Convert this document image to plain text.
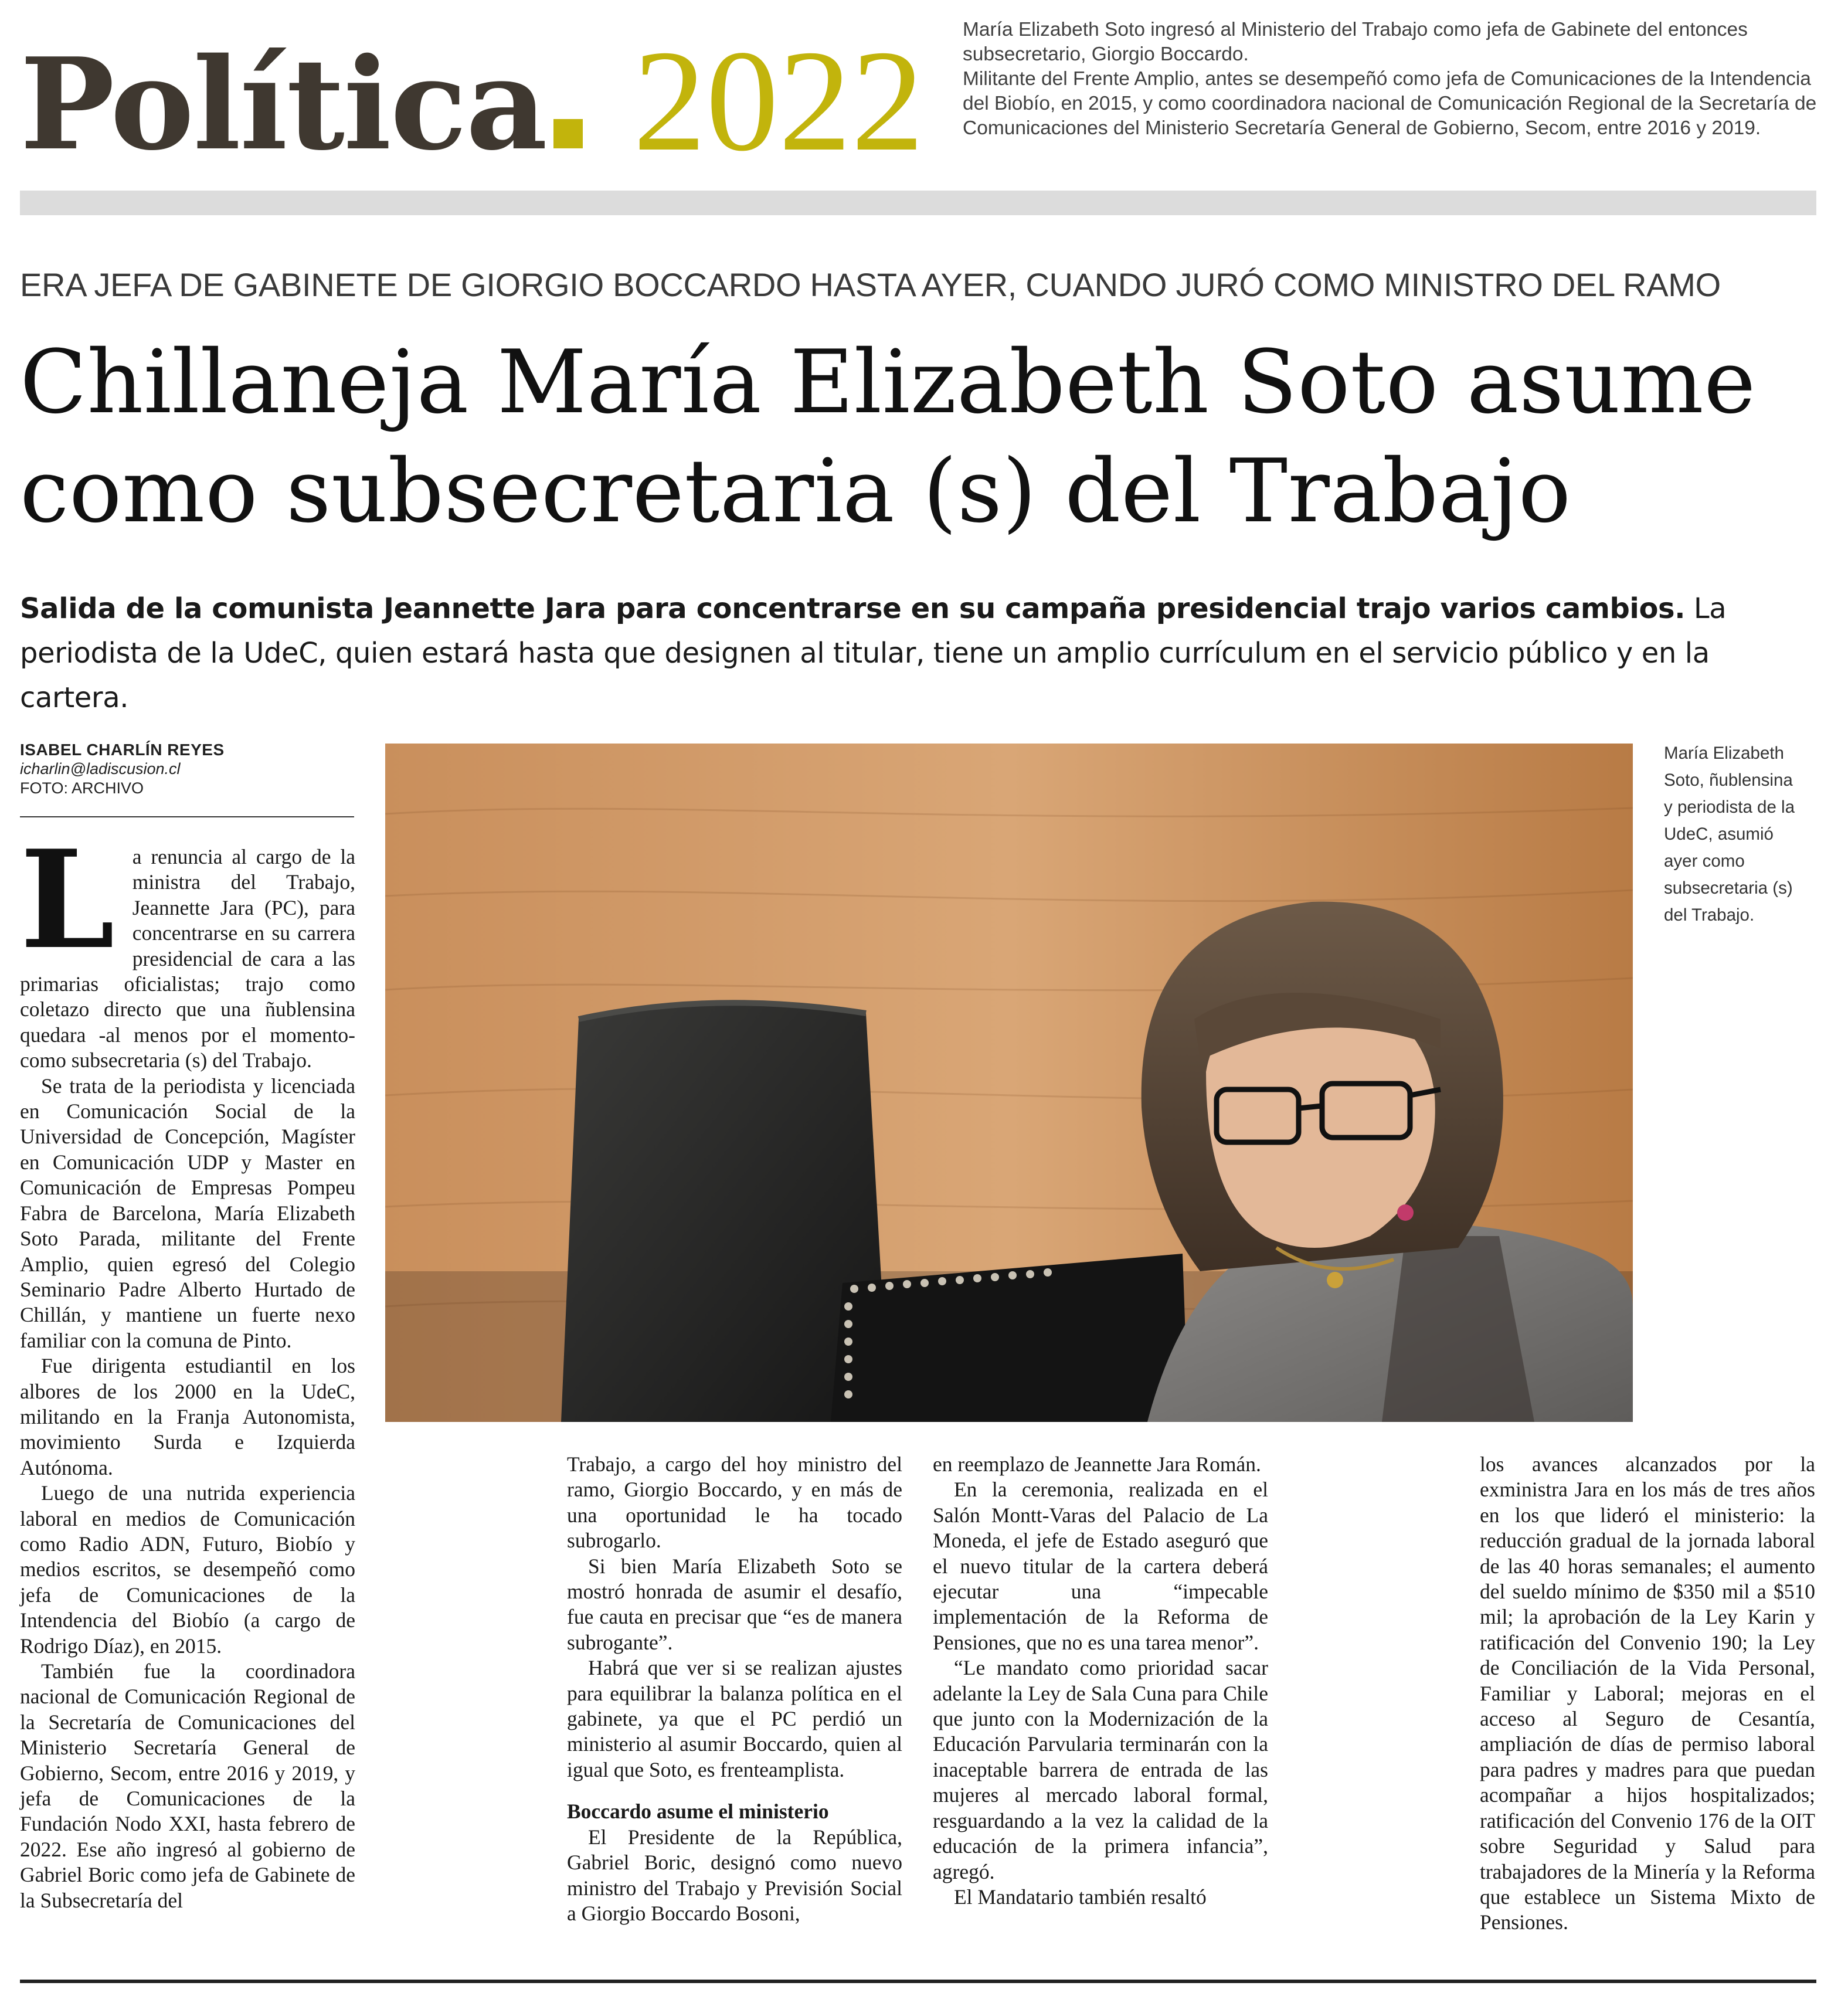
Política 2022 María Elizabeth Soto ingresó al Ministerio del Trabajo como jefa de Gabinete del entonces subsecretario, Giorgio Boccardo.

Militante del Frente Amplio, antes se desempeñó como jefa de Comunicaciones de la Intendencia del Biobío, en 2015, y como coordinadora nacional de Comunicación Regional de la Secretaría de Comunicaciones del Ministerio Secretaría General de Gobierno, Secom, entre 2016 y 2019.

ERA JEFA DE GABINETE DE GIORGIO BOCCARDO HASTA AYER, CUANDO JURÓ COMO MINISTRO DEL RAMO
Chillaneja María Elizabeth Soto asume
como subsecretaria (s) del Trabajo
Salida de la comunista Jeannette Jara para concentrarse en su campaña presidencial trajo varios cambios. La periodista de la UdeC, quien estará hasta que designen al titular, tiene un amplio currículum en el servicio público y en la cartera.
ISABEL CHARLÍN REYES
icharlin@ladiscusion.cl
FOTO: ARCHIVO
María Elizabeth Soto, ñublensina y periodista de la UdeC, asumió ayer como subsecretaria (s) del Trabajo.

La renuncia al cargo de la ministra del Trabajo, Jeannette Jara (PC), para concentrarse en su carrera presidencial de cara a las primarias oficialistas; trajo como coletazo directo que una ñublensina quedara -al menos por el momento- como subsecretaria (s) del Trabajo.

Se trata de la periodista y licenciada en Comunicación Social de la Universidad de Concepción, Magíster en Comunicación UDP y Master en Comunicación de Empresas Pompeu Fabra de Barcelona, María Elizabeth Soto Parada, militante del Frente Amplio, quien egresó del Colegio Seminario Padre Alberto Hurtado de Chillán, y mantiene un fuerte nexo familiar con la comuna de Pinto.

Fue dirigenta estudiantil en los albores de los 2000 en la UdeC, militando en la Franja Autonomista, movimiento Surda e Izquierda Autónoma.

Luego de una nutrida experiencia laboral en medios de Comunicación como Radio ADN, Futuro, Biobío y medios escritos, se desempeñó como jefa de Comunicaciones de la Intendencia del Biobío (a cargo de Rodrigo Díaz), en 2015.

También fue la coordinadora nacional de Comunicación Regional de la Secretaría de Comunicaciones del Ministerio Secretaría General de Gobierno, Secom, entre 2016 y 2019, y jefa de Comunicaciones de la Fundación Nodo XXI, hasta febrero de 2022. Ese año ingresó al gobierno de Gabriel Boric como jefa de Gabinete de la Subsecretaría del

Trabajo, a cargo del hoy ministro del ramo, Giorgio Boccardo, y en más de una oportunidad le ha tocado subrogarlo.

Si bien María Elizabeth Soto se mostró honrada de asumir el desafío, fue cauta en precisar que “es de manera subrogante”.

Habrá que ver si se realizan ajustes para equilibrar la balanza política en el gabinete, ya que el PC perdió un ministerio al asumir Boccardo, quien al igual que Soto, es frenteamplista.

Boccardo asume el ministerio

El Presidente de la República, Gabriel Boric, designó como nuevo ministro del Trabajo y Previsión Social a Giorgio Boccardo Bosoni,

en reemplazo de Jeannette Jara Román.

En la ceremonia, realizada en el Salón Montt-Varas del Palacio de La Moneda, el jefe de Estado aseguró que el nuevo titular de la cartera deberá ejecutar una “impecable implementación de la Reforma de Pensiones, que no es una tarea menor”.

“Le mandato como prioridad sacar adelante la Ley de Sala Cuna para Chile que junto con la Modernización de la Educación Parvularia terminarán con la inaceptable barrera de entrada de las mujeres al mercado laboral formal, resguardando a la vez la calidad de la educación de la primera infancia”, agregó.

El Mandatario también resaltó

los avances alcanzados por la exministra Jara en los más de tres años en los que lideró el ministerio: la reducción gradual de la jornada laboral de las 40 horas semanales; el aumento del sueldo mínimo de $350 mil a $510 mil; la aprobación de la Ley Karin y ratificación del Convenio 190; la Ley de Conciliación de la Vida Personal, Familiar y Laboral; mejoras en el acceso al Seguro de Cesantía, ampliación de días de permiso laboral para padres y madres para que puedan acompañar a hijos hospitalizados; ratificación del Convenio 176 de la OIT sobre Seguridad y Salud para trabajadores de la Minería y la Reforma que establece un Sistema Mixto de Pensiones.
